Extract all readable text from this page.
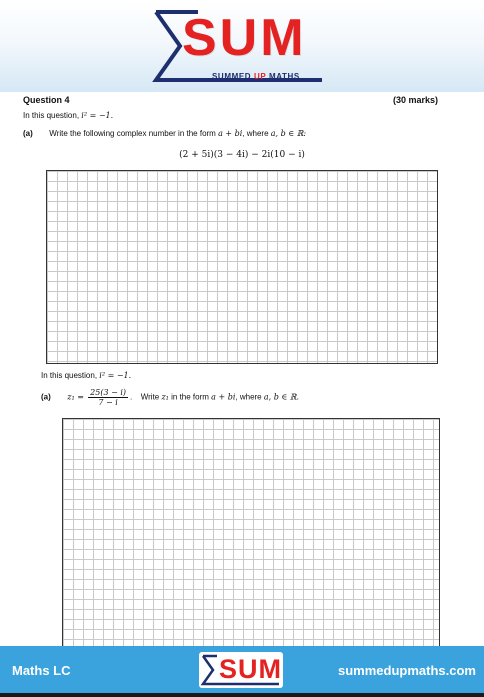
SUM
SUMMED UP MATHS
Question 4	(30 marks)
In this question, i² = −1.
(a) Write the following complex number in the form a + bi, where a, b ∈ ℝ:
(2 + 5i)(3 − 4i) − 2i(10 − i)
In this question, i² = −1.
(a) $z_1 = \frac{25(3 - i)}{7 - i}$ . Write z₁ in the form a + bi, where a, b ∈ ℝ.
Maths LC	SUM	summedupmaths.com
